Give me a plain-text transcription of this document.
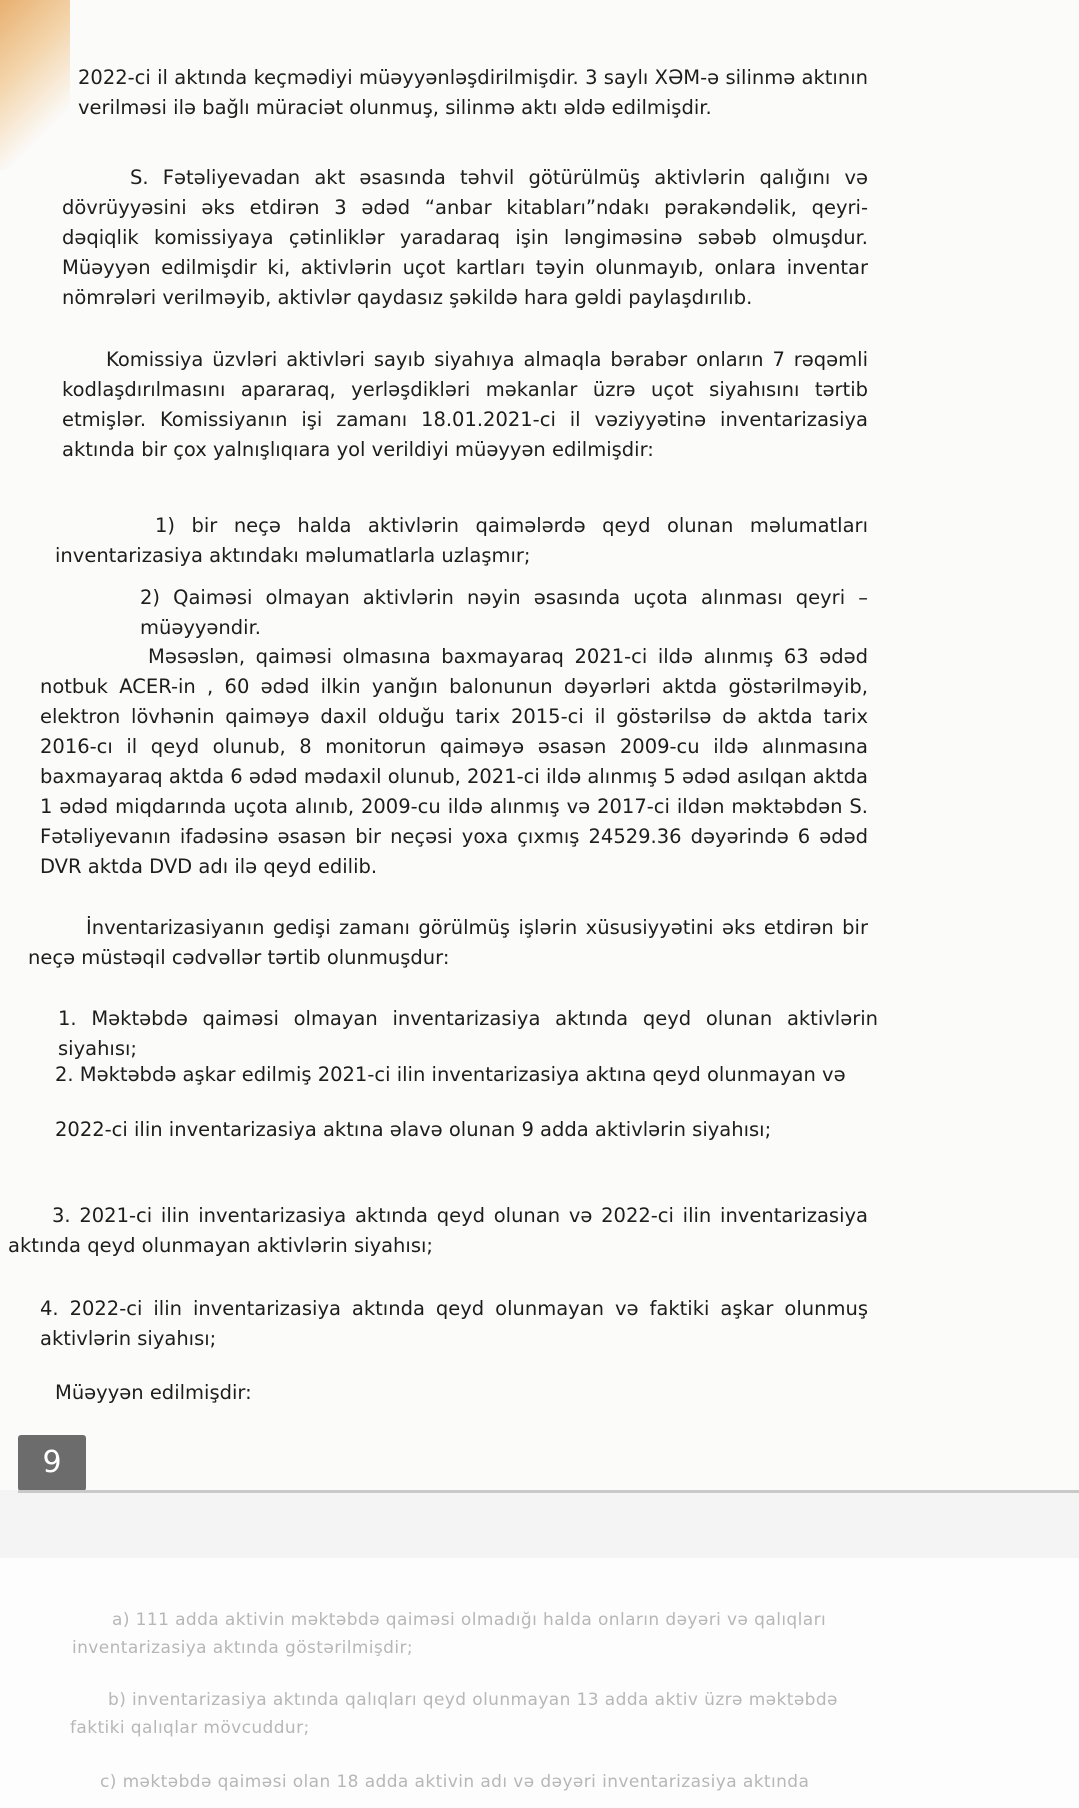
2022-ci il aktında keçmədiyi müəyyənləşdirilmişdir. 3 saylı XƏM-ə silinmə aktının verilməsi ilə bağlı müraciət olunmuş, silinmə aktı əldə edilmişdir.

S. Fətəliyevadan akt əsasında təhvil götürülmüş aktivlərin qalığını və dövrüyyəsini əks etdirən 3 ədəd “anbar kitabları”ndakı pərakəndəlik, qeyri-dəqiqlik komissiyaya çətinliklər yaradaraq işin ləngiməsinə səbəb olmuşdur. Müəyyən edilmişdir ki, aktivlərin uçot kartları təyin olunmayıb, onlara inventar nömrələri verilməyib, aktivlər qaydasız şəkildə hara gəldi paylaşdırılıb.

Komissiya üzvləri aktivləri sayıb siyahıya almaqla bərabər onların 7 rəqəmli kodlaşdırılmasını apararaq, yerləşdikləri məkanlar üzrə uçot siyahısını tərtib etmişlər. Komissiyanın işi zamanı 18.01.2021-ci il vəziyyətinə inventarizasiya aktında bir çox yalnışlıqıara yol verildiyi müəyyən edilmişdir:

1) bir neçə halda aktivlərin qaimələrdə qeyd olunan məlumatları inventarizasiya aktındakı məlumatlarla uzlaşmır;

2) Qaiməsi olmayan aktivlərin nəyin əsasında uçota alınması qeyri –müəyyəndir.

Məsəslən, qaiməsi olmasına baxmayaraq 2021-ci ildə alınmış 63 ədəd notbuk ACER-in , 60 ədəd ilkin yanğın balonunun dəyərləri aktda göstərilməyib, elektron lövhənin qaiməyə daxil olduğu tarix 2015-ci il göstərilsə də aktda tarix 2016-cı il qeyd olunub, 8 monitorun qaiməyə əsasən 2009-cu ildə alınmasına baxmayaraq aktda 6 ədəd mədaxil olunub, 2021-ci ildə alınmış 5 ədəd asılqan aktda 1 ədəd miqdarında uçota alınıb, 2009-cu ildə alınmış və 2017-ci ildən məktəbdən S. Fətəliyevanın ifadəsinə əsasən bir neçəsi yoxa çıxmış 24529.36 dəyərində 6 ədəd DVR aktda DVD adı ilə qeyd edilib.

İnventarizasiyanın gedişi zamanı görülmüş işlərin xüsusiyyətini əks etdirən bir neçə müstəqil cədvəllər tərtib olunmuşdur:

1. Məktəbdə qaiməsi olmayan inventarizasiya aktında qeyd olunan aktivlərin siyahısı;

2. Məktəbdə aşkar edilmiş 2021-ci ilin inventarizasiya aktına qeyd olunmayan və

2022-ci ilin inventarizasiya aktına əlavə olunan 9 adda aktivlərin siyahısı;

3. 2021-ci ilin inventarizasiya aktında qeyd olunan və 2022-ci ilin inventarizasiya aktında qeyd olunmayan aktivlərin siyahısı;

4. 2022-ci ilin inventarizasiya aktında qeyd olunmayan və faktiki aşkar olunmuş aktivlərin siyahısı;

Müəyyən edilmişdir:

9

a) 111 adda aktivin məktəbdə qaiməsi olmadığı halda onların dəyəri və qalıqları

inventarizasiya aktında göstərilmişdir;

b) inventarizasiya aktında qalıqları qeyd olunmayan 13 adda aktiv üzrə məktəbdə

faktiki qalıqlar mövcuddur;

c) məktəbdə qaiməsi olan 18 adda aktivin adı və dəyəri inventarizasiya aktında
